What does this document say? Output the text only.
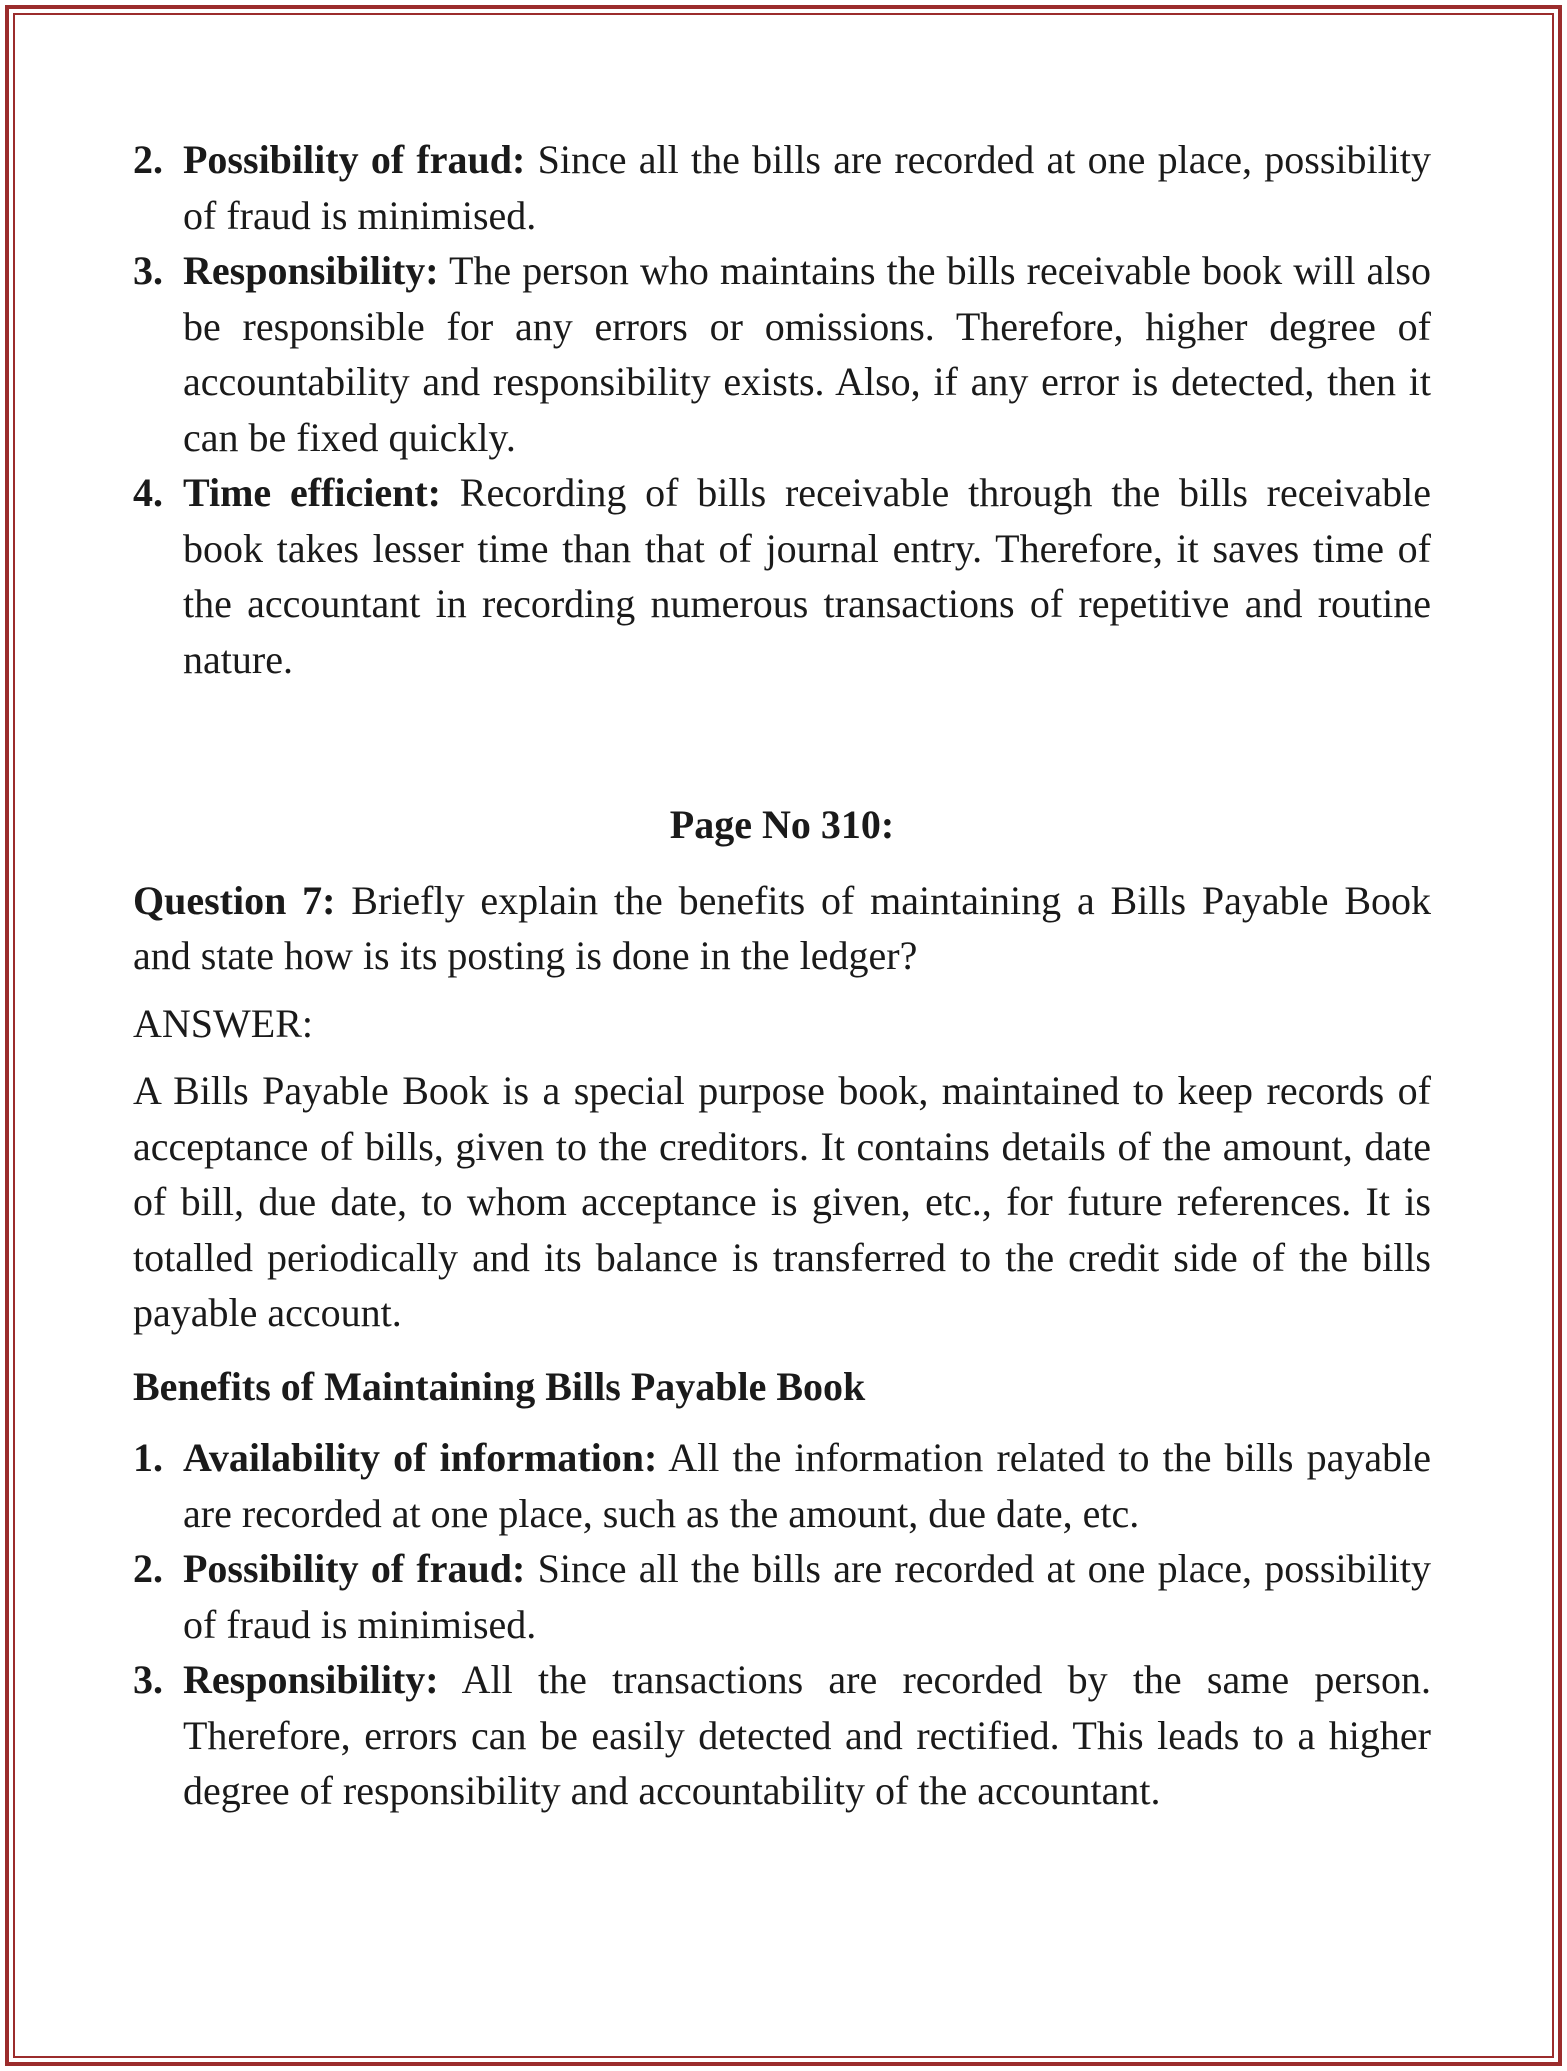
2. Possibility of fraud: Since all the bills are recorded at one place, possibility of fraud is minimised.
3. Responsibility: The person who maintains the bills receivable book will also be responsible for any errors or omissions. Therefore, higher degree of accountability and responsibility exists. Also, if any error is detected, then it can be fixed quickly.
4. Time efficient: Recording of bills receivable through the bills receivable book takes lesser time than that of journal entry. Therefore, it saves time of the accountant in recording numerous transactions of repetitive and routine nature.
Page No 310:

Question 7: Briefly explain the benefits of maintaining a Bills Payable Book and state how is its posting is done in the ledger?

ANSWER:

A Bills Payable Book is a special purpose book, maintained to keep records of acceptance of bills, given to the creditors. It contains details of the amount, date of bill, due date, to whom acceptance is given, etc., for future references. It is totalled periodically and its balance is transferred to the credit side of the bills payable account.

Benefits of Maintaining Bills Payable Book

1. Availability of information: All the information related to the bills payable are recorded at one place, such as the amount, due date, etc.
2. Possibility of fraud: Since all the bills are recorded at one place, possibility of fraud is minimised.
3. Responsibility: All the transactions are recorded by the same person. Therefore, errors can be easily detected and rectified. This leads to a higher degree of responsibility and accountability of the accountant.
